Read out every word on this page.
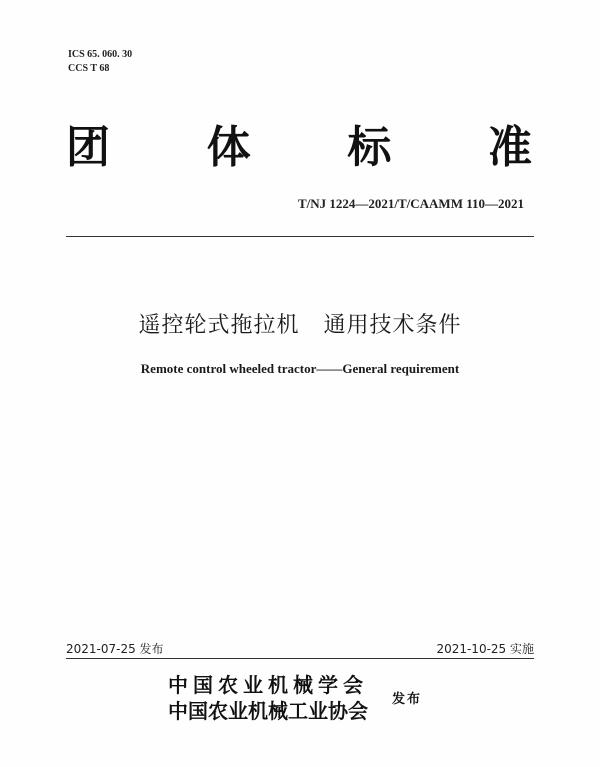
ICS 65. 060. 30
CCS T 68
团 体 标 准
T/NJ 1224—2021/T/CAAMM 110—2021
遥控轮式拖拉机   通用技术条件
Remote control wheeled tractor——General requirement
2021-07-25 发布	2021-10-25 实施
中国农业机械学会
中国农业机械工业协会 发布
